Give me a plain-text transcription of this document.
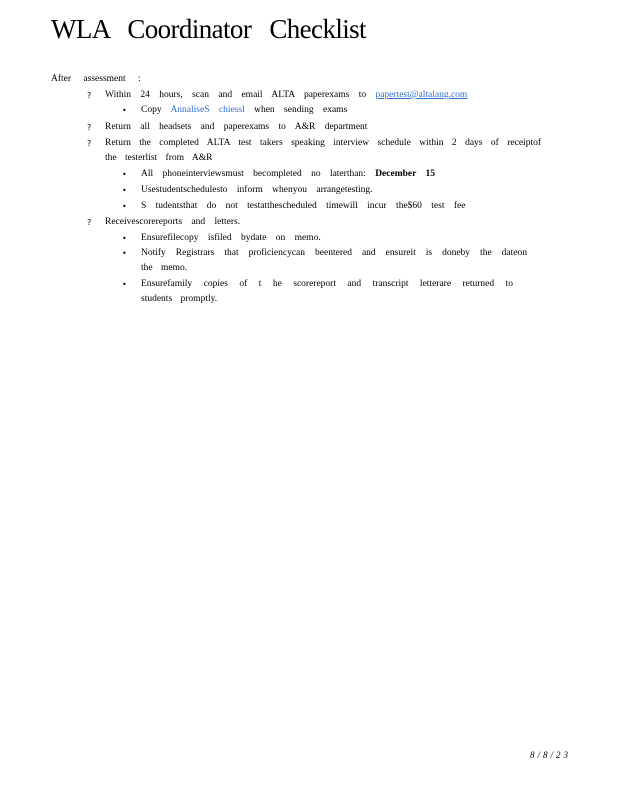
WLA Coordinator Checklist
After assessment :
? Within 24 hours, scan and email ALTA paperexams to papertest@altalang.com
• Copy AnnaliseS chiessl when sending exams
? Return all headsets and paperexams to A&R department
? Return the completed ALTA test takers speaking interview schedule within 2 days of receiptof the testerlist from A&R
• All phoneinterviewsmust becompleted no laterthan: December 15
• Usestudentschedulesto inform whenyou arrangetesting.
• S tudentsthat do not testatthescheduled timewill incur the$60 test fee
? Receivescorereports and letters.
• Ensurefilecopy isfiled bydate on memo.
• Notify Registrars that proficiencycan beentered and ensureit is doneby the dateon the memo.
• Ensurefamily copies of t he scorereport and transcript letterare returned to students promptly.
8/8/23
